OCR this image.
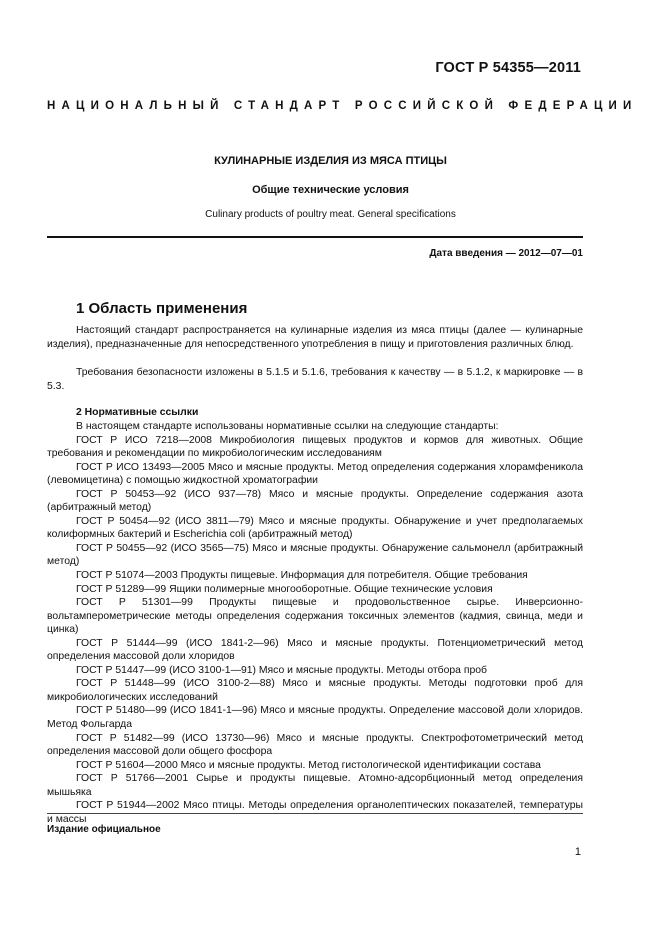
ГОСТ Р 54355—2011
НАЦИОНАЛЬНЫЙ СТАНДАРТ РОССИЙСКОЙ ФЕДЕРАЦИИ
КУЛИНАРНЫЕ ИЗДЕЛИЯ ИЗ МЯСА ПТИЦЫ
Общие технические условия
Culinary products of poultry meat. General specifications
Дата введения — 2012—07—01
1 Область применения

Настоящий стандарт распространяется на кулинарные изделия из мяса птицы (далее — кулинарные изделия), предназначенные для непосредственного употребления в пищу и приготовления различных блюд.

Требования безопасности изложены в 5.1.5 и 5.1.6, требования к качеству — в 5.1.2, к маркировке — в 5.3.

2 Нормативные ссылки

В настоящем стандарте использованы нормативные ссылки на следующие стандарты:

ГОСТ Р ИСО 7218—2008 Микробиология пищевых продуктов и кормов для животных. Общие требования и рекомендации по микробиологическим исследованиям

ГОСТ Р ИСО 13493—2005 Мясо и мясные продукты. Метод определения содержания хлорамфеникола (левомицетина) с помощью жидкостной хроматографии

ГОСТ Р 50453—92 (ИСО 937—78) Мясо и мясные продукты. Определение содержания азота (арбитражный метод)

ГОСТ Р 50454—92 (ИСО 3811—79) Мясо и мясные продукты. Обнаружение и учет предполагаемых колиформных бактерий и Escherichia coli (арбитражный метод)

ГОСТ Р 50455—92 (ИСО 3565—75) Мясо и мясные продукты. Обнаружение сальмонелл (арбитражный метод)

ГОСТ Р 51074—2003 Продукты пищевые. Информация для потребителя. Общие требования

ГОСТ Р 51289—99 Ящики полимерные многооборотные. Общие технические условия

ГОСТ Р 51301—99 Продукты пищевые и продовольственное сырье. Инверсионно-вольтамперометрические методы определения содержания токсичных элементов (кадмия, свинца, меди и цинка)

ГОСТ Р 51444—99 (ИСО 1841-2—96) Мясо и мясные продукты. Потенциометрический метод определения массовой доли хлоридов

ГОСТ Р 51447—99 (ИСО 3100-1—91) Мясо и мясные продукты. Методы отбора проб

ГОСТ Р 51448—99 (ИСО 3100-2—88) Мясо и мясные продукты. Методы подготовки проб для микробиологических исследований

ГОСТ Р 51480—99 (ИСО 1841-1—96) Мясо и мясные продукты. Определение массовой доли хлоридов. Метод Фольгарда

ГОСТ Р 51482—99 (ИСО 13730—96) Мясо и мясные продукты. Спектрофотометрический метод определения массовой доли общего фосфора

ГОСТ Р 51604—2000 Мясо и мясные продукты. Метод гистологической идентификации состава

ГОСТ Р 51766—2001 Сырье и продукты пищевые. Атомно-адсорбционный метод определения мышьяка

ГОСТ Р 51944—2002 Мясо птицы. Методы определения органолептических показателей, температуры и массы

Издание официальное
1
